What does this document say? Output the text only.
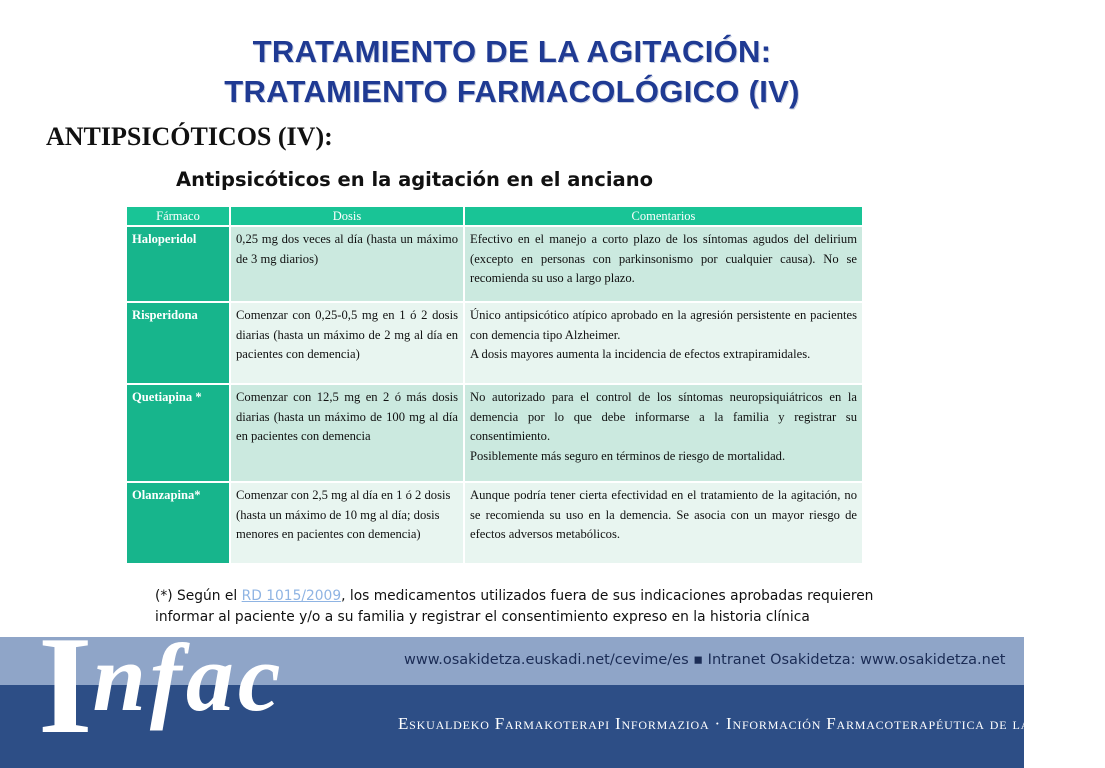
TRATAMIENTO DE LA AGITACIÓN:
TRATAMIENTO FARMACOLÓGICO (IV)
ANTIPSICÓTICOS (IV):
Antipsicóticos en la agitación en el anciano
Fármaco	Dosis	Comentarios
Haloperidol	0,25 mg dos veces al día (hasta un máximo de 3 mg diarios)	Efectivo en el manejo a corto plazo de los síntomas agudos del delirium (excepto en personas con parkinsonismo por cualquier causa). No se recomienda su uso a largo plazo.

Risperidona	Comenzar con 0,25-0,5 mg en 1 ó 2 dosis diarias (hasta un máximo de 2 mg al día en pacientes con demencia)	Único antipsicótico atípico aprobado en la agresión persistente en pacientes con demencia tipo Alzheimer.
A dosis mayores aumenta la incidencia de efectos extrapiramidales.

Quetiapina *	Comenzar con 12,5 mg en 2 ó más dosis diarias (hasta un máximo de 100 mg al día en pacientes con demencia	No autorizado para el control de los síntomas neuropsiquiátricos en la demencia por lo que debe informarse a la familia y registrar su consentimiento.
Posiblemente más seguro en términos de riesgo de mortalidad.

Olanzapina*	Comenzar con 2,5 mg al día en 1 ó 2 dosis (hasta un máximo de 10 mg al día; dosis menores en pacientes con demencia)	Aunque podría tener cierta efectividad en el tratamiento de la agitación, no se recomienda su uso en la demencia. Se asocia con un mayor riesgo de efectos adversos metabólicos.
(*) Según el RD 1015/2009, los medicamentos utilizados fuera de sus indicaciones aprobadas requieren informar al paciente y/o a su familia y registrar el consentimiento expreso en la historia clínica
Infac	www.osakidetza.euskadi.net/cevime/es ▪ Intranet Osakidetza: www.osakidetza.net
Eskualdeko Farmakoterapi Informazioa · Información Farmacoterapéutica de la Comarca
